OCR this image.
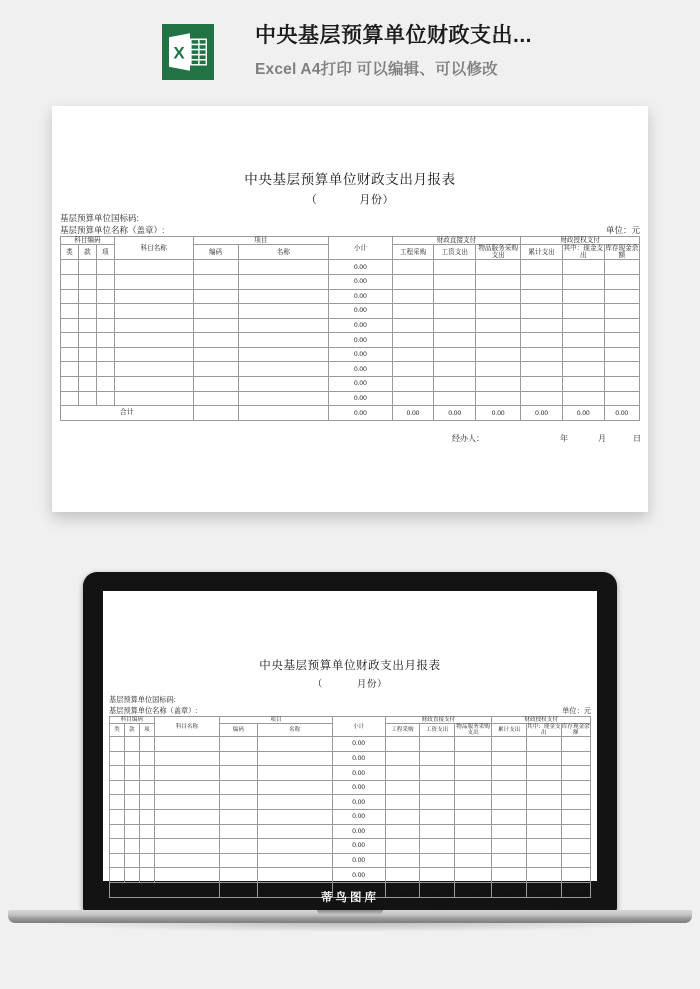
X
中央基层预算单位财政支出...
Excel A4打印 可以编辑、可以修改
中央基层预算单位财政支出月报表
（	月份）
基层预算单位国标码:
基层预算单位名称（盖章）:	单位：元
科目编码			科目名称	项目		小计	财政直接支付			财政授权支付		
类	款	项		编码	名称		工程采购	工资支出	物品服务采购支出	累计支出	其中：现金支出	库存现金余额
						0.00						
						0.00						
						0.00						
						0.00						
						0.00						
						0.00						
						0.00						
						0.00						
						0.00						
						0.00						
合计						0.00	0.00	0.00	0.00	0.00	0.00	0.00
经办人：	年	月	日
中央基层预算单位财政支出月报表
（	月份）
基层预算单位国标码:
基层预算单位名称（盖章）:	单位：元
科目编码			科目名称	项目		小计	财政直接支付			财政授权支付		
类	款	项		编码	名称		工程采购	工资支出	物品服务采购支出	累计支出	其中：现金支出	库存现金余额
						0.00						
						0.00						
						0.00						
						0.00						
						0.00						
						0.00						
						0.00						
						0.00						
						0.00						
						0.00						
合计						0.00	0.00	0.00	0.00	0.00	0.00	0.00
蒂鸟图库
